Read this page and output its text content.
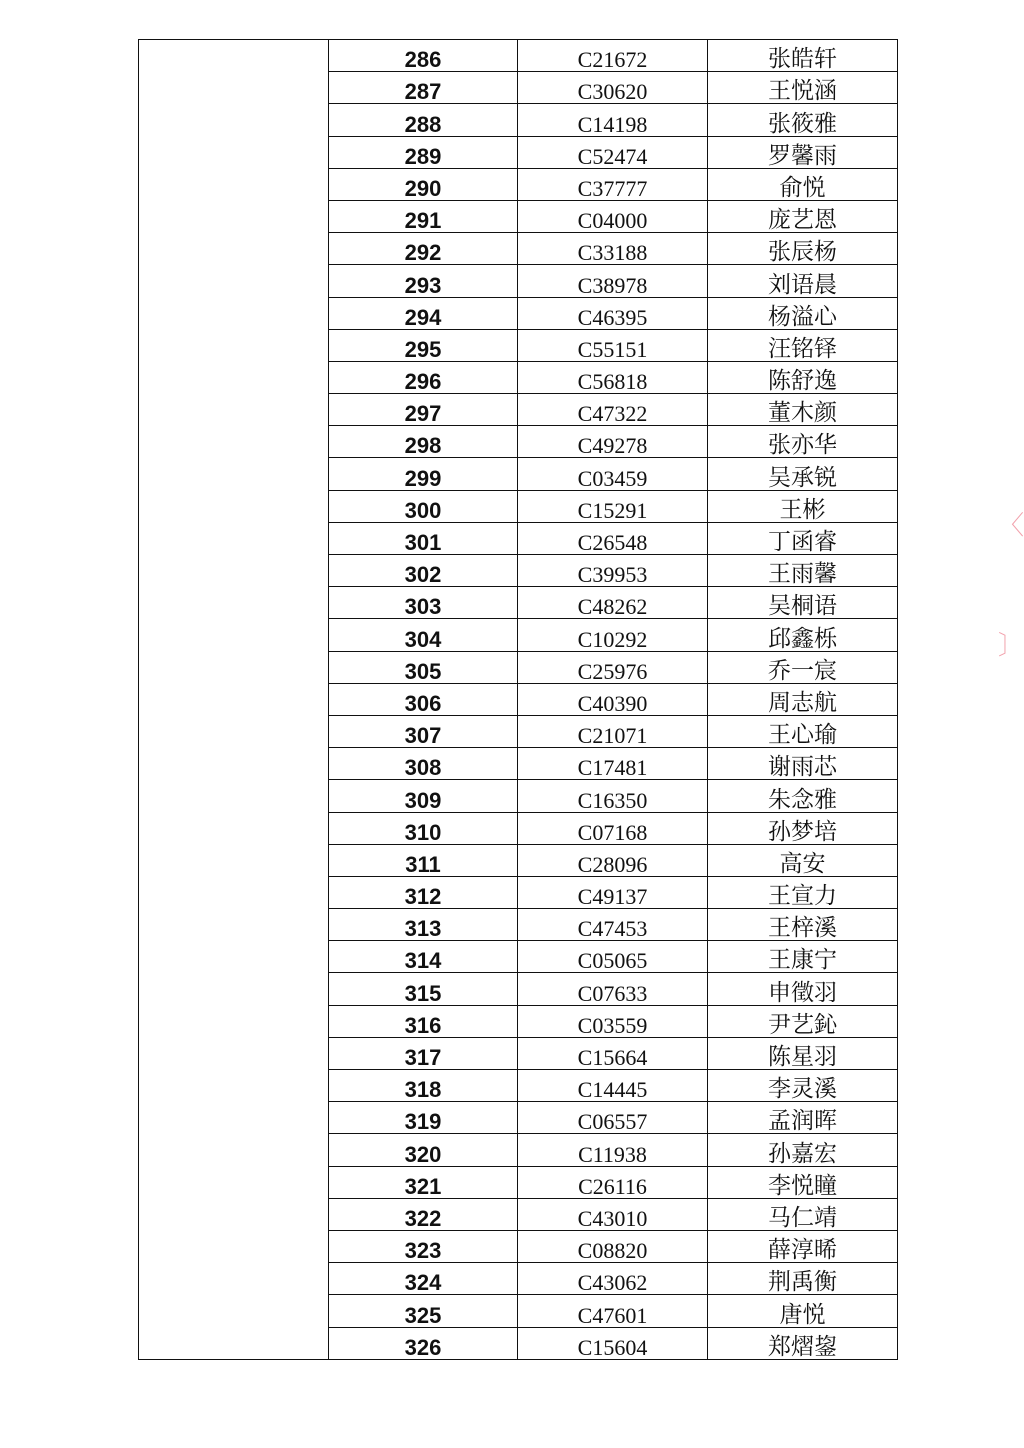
	286	C21672	张皓轩
	287	C30620	王悦涵
	288	C14198	张筱雅
	289	C52474	罗馨雨
	290	C37777	俞悦
	291	C04000	庞艺恩
	292	C33188	张辰杨
	293	C38978	刘语晨
	294	C46395	杨溢心
	295	C55151	汪铭铎
	296	C56818	陈舒逸
	297	C47322	董木颜
	298	C49278	张亦华
	299	C03459	吴承锐
	300	C15291	王彬
	301	C26548	丁函睿
	302	C39953	王雨馨
	303	C48262	吴桐语
	304	C10292	邱鑫栎
	305	C25976	乔一宸
	306	C40390	周志航
	307	C21071	王心瑜
	308	C17481	谢雨芯
	309	C16350	朱念雅
	310	C07168	孙梦培
	311	C28096	高安
	312	C49137	王宣力
	313	C47453	王梓溪
	314	C05065	王康宁
	315	C07633	申徵羽
	316	C03559	尹艺鈊
	317	C15664	陈星羽
	318	C14445	李灵溪
	319	C06557	孟润晖
	320	C11938	孙嘉宏
	321	C26116	李悦瞳
	322	C43010	马仁靖
	323	C08820	薛淳晞
	324	C43062	荆禹衡
	325	C47601	唐悦
	326	C15604	郑熠鋆
〈
〕
